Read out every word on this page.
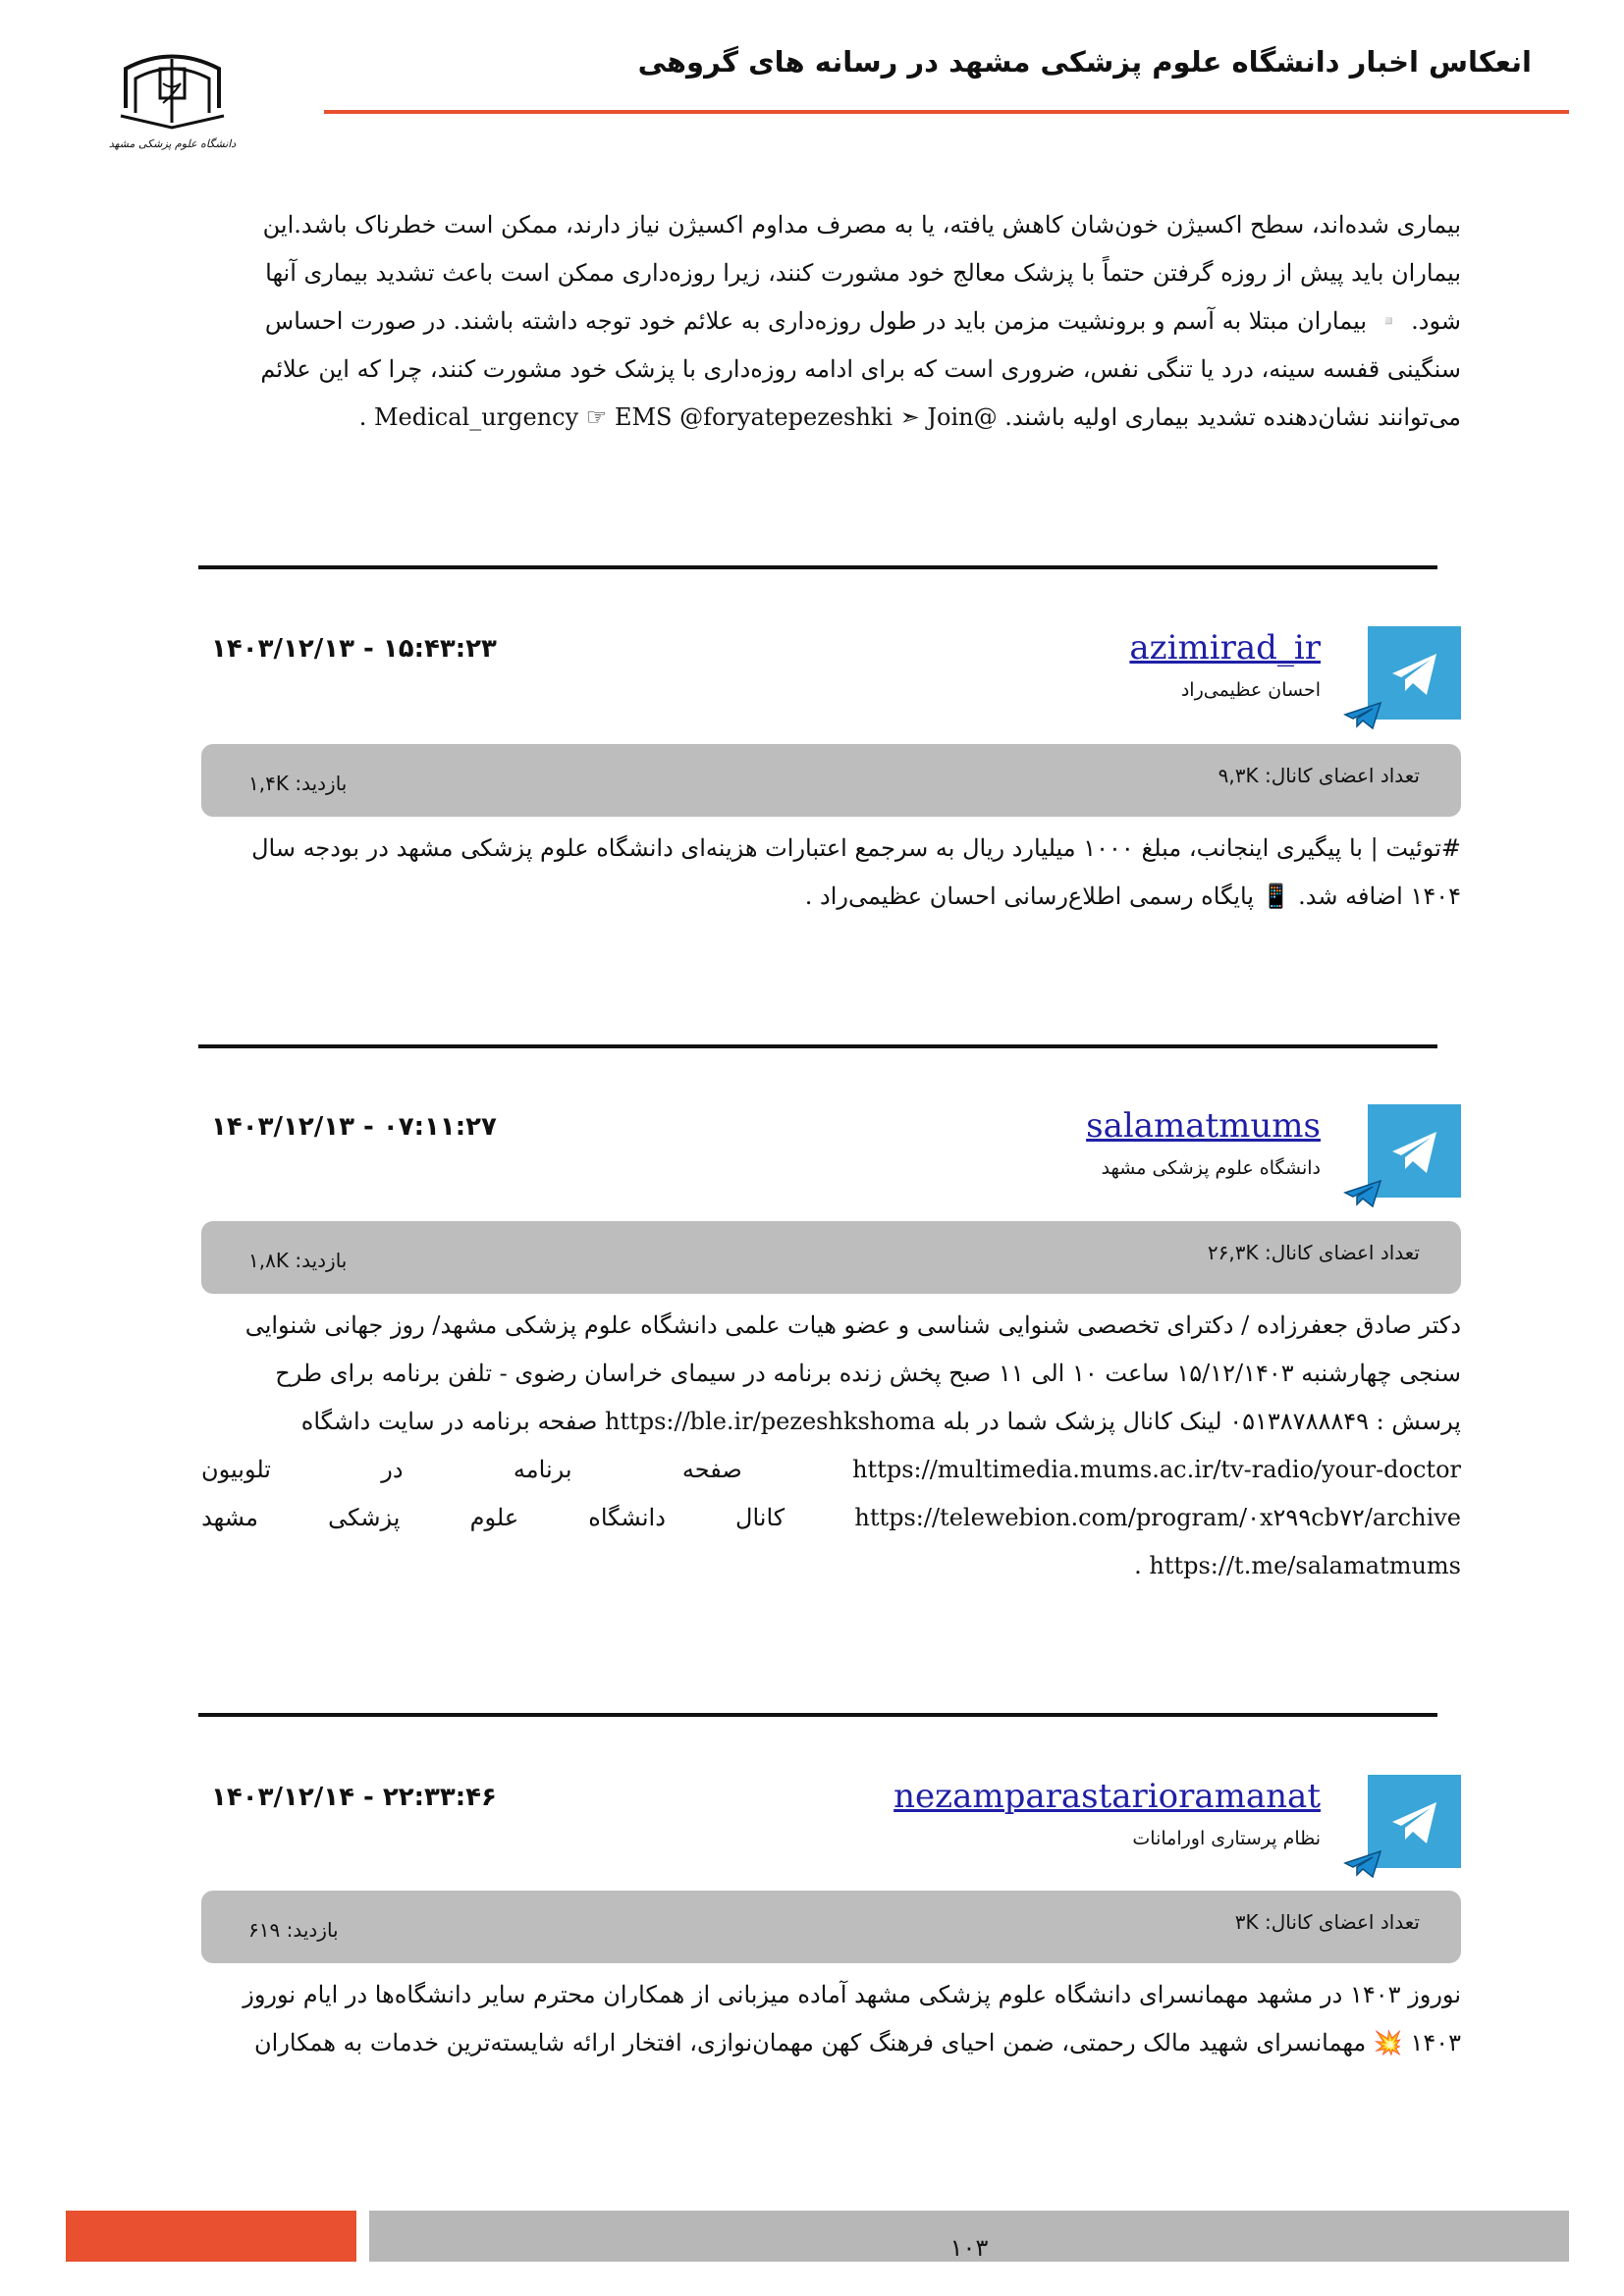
دانشگاه علوم پزشکی مشهد
انعکاس اخبار دانشگاه علوم پزشکی مشهد در رسانه های گروهی

بیماری شده‌اند، سطح اکسیژن خون‌شان کاهش یافته، یا به مصرف مداوم اکسیژن نیاز دارند، ممکن است خطرناک باشد.این

بیماران باید پیش از روزه گرفتن حتماً با پزشک معالج خود مشورت کنند، زیرا روزه‌داری ممکن است باعث تشدید بیماری آنها

شود. ▫️ بیماران مبتلا به آسم و برونشیت مزمن باید در طول روزه‌داری به علائم خود توجه داشته باشند. در صورت احساس

سنگینی قفسه سینه، درد یا تنگی نفس، ضروری است که برای ادامه روزه‌داری با پزشک خود مشورت کنند، چرا که این علائم

می‌توانند نشان‌دهنده تشدید بیماری اولیه باشند. @Medical_urgency ☞ EMS @foryatepezeshki ➣ Join .

azimirad_ir
احسان عظیمی‌راد
۱۵:۴۳:۲۳ - ۱۴۰۳/۱۲/۱۳
تعداد اعضای کانال: ۹,۳K
بازدید: ۱,۴K

#توئیت | با پیگیری اینجانب، مبلغ ۱۰۰۰ میلیارد ریال به سرجمع اعتبارات هزینه‌ای دانشگاه علوم پزشکی مشهد در بودجه سال

۱۴۰۴ اضافه شد. 📱 پایگاه رسمی اطلاع‌رسانی احسان عظیمی‌راد .

salamatmums
دانشگاه علوم پزشکی مشهد
۰۷:۱۱:۲۷ - ۱۴۰۳/۱۲/۱۳
تعداد اعضای کانال: ۲۶,۳K
بازدید: ۱,۸K

دکتر صادق جعفرزاده / دکترای تخصصی شنوایی شناسی و عضو هیات علمی دانشگاه علوم پزشکی مشهد/ روز جهانی شنوایی

سنجی چهارشنبه ۱۵/۱۲/۱۴۰۳ ساعت ۱۰ الی ۱۱ صبح پخش زنده برنامه در سیمای خراسان رضوی - تلفن برنامه برای طرح

پرسش : ۰۵۱۳۸۷۸۸۸۴۹ لینک کانال پزشک شما در بله https://ble.ir/pezeshkshoma صفحه برنامه در سایت داشگاه

https://multimedia.mums.ac.ir/tv-radio/your-doctor
صفحه
برنامه
در
تلوبیون
https://telewebion.com/program/۰x۲۹۹cb۷۲/archive
کانال
دانشگاه
علوم
پزشکی
مشهد

https://t.me/salamatmums .

nezamparastarioramanat
نظام پرستاری اورامانات
۲۲:۳۳:۴۶ - ۱۴۰۳/۱۲/۱۴
تعداد اعضای کانال: ۳K
بازدید: ۶۱۹

نوروز ۱۴۰۳ در مشهد مهمانسرای دانشگاه علوم پزشکی مشهد آماده میزبانی از همکاران محترم سایر دانشگاه‌ها در ایام نوروز

۱۴۰۳ 💥 مهمانسرای شهید مالک رحمتی، ضمن احیای فرهنگ کهن مهمان‌نوازی، افتخار ارائه شایسته‌ترین خدمات به همکاران

۱۰۳
